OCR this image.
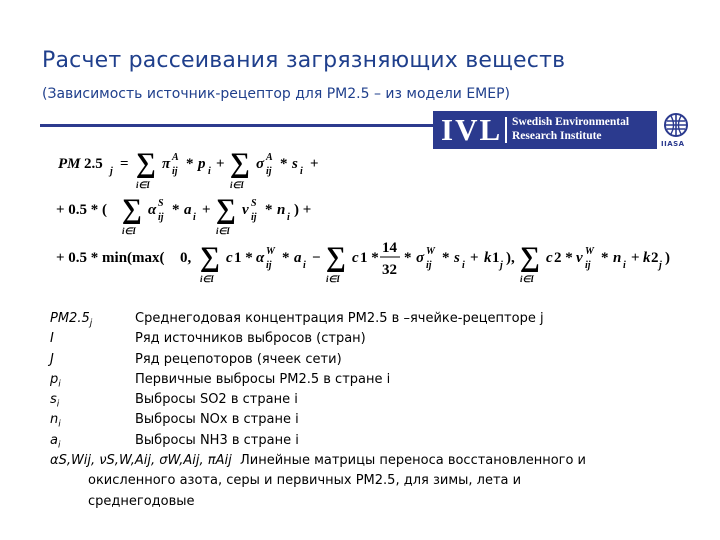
Расчет рассеивания загрязняющих веществ
(Зависимость источник-рецептор для PM2.5 – из модели EMEP)
IVL Swedish Environmental
Research Institute
IIASA
PM 2.5 j = ∑
i∈I
π A
ij * p i + ∑
i∈I
σ A
ij * s i +
+ 0.5 * ( ∑
i∈I
α S
ij * a i + ∑
i∈I
ν S
ij * n i ) +
+ 0.5 * min(max( 0, ∑
i∈I
c 1 * α W
ij * a i − ∑
i∈I
c 1 *
14
32
* σ W
ij * s i + k 1 j ), ∑
i∈I
c 2 * ν W
ij * n i + k 2 j )
$PM2.5_j$	Среднегодовая концентрация PM2.5 в –ячейке-рецепторе j
I	Ряд источников выбросов (стран)
J	Ряд рецепоторов (ячеек сети)
$p_i$	Первичные выбросы PM2.5 в стране i
$s_i$	Выбросы SO2 в стране i
$n_i$	Выбросы NOx в стране i
$a_i$	Выбросы NH3 в стране i
αS,Wij, νS,W,Aij, σW,Aij, πAij Линейные матрицы переноса восстановленного и
окисленного азота, серы и первичных PM2.5, для зимы, лета и
среднегодовые
